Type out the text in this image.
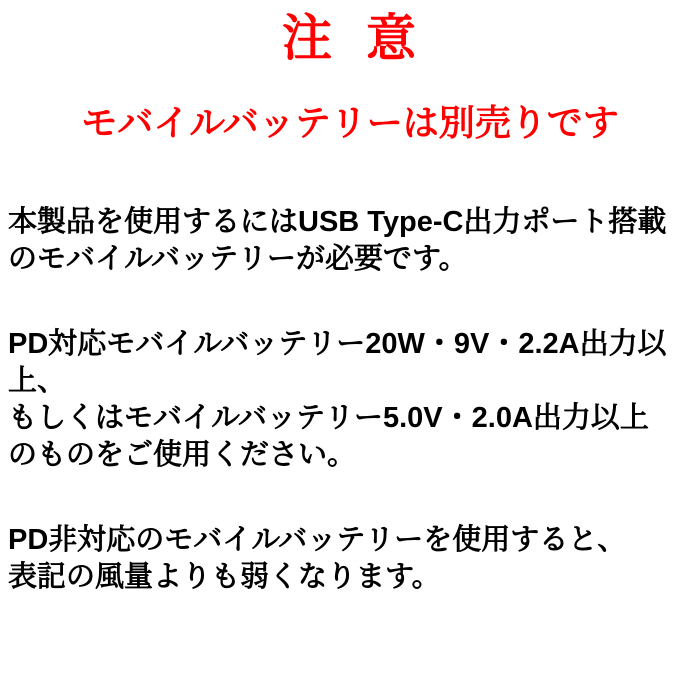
注 意
モバイルバッテリーは別売りです

本製品を使用するにはUSB Type-C出力ポート搭載
のモバイルバッテリーが必要です。

PD対応モバイルバッテリー20W・9V・2.2A出力以上、
もしくはモバイルバッテリー5.0V・2.0A出力以上
のものをご使用ください。

PD非対応のモバイルバッテリーを使用すると、
表記の風量よりも弱くなります。
